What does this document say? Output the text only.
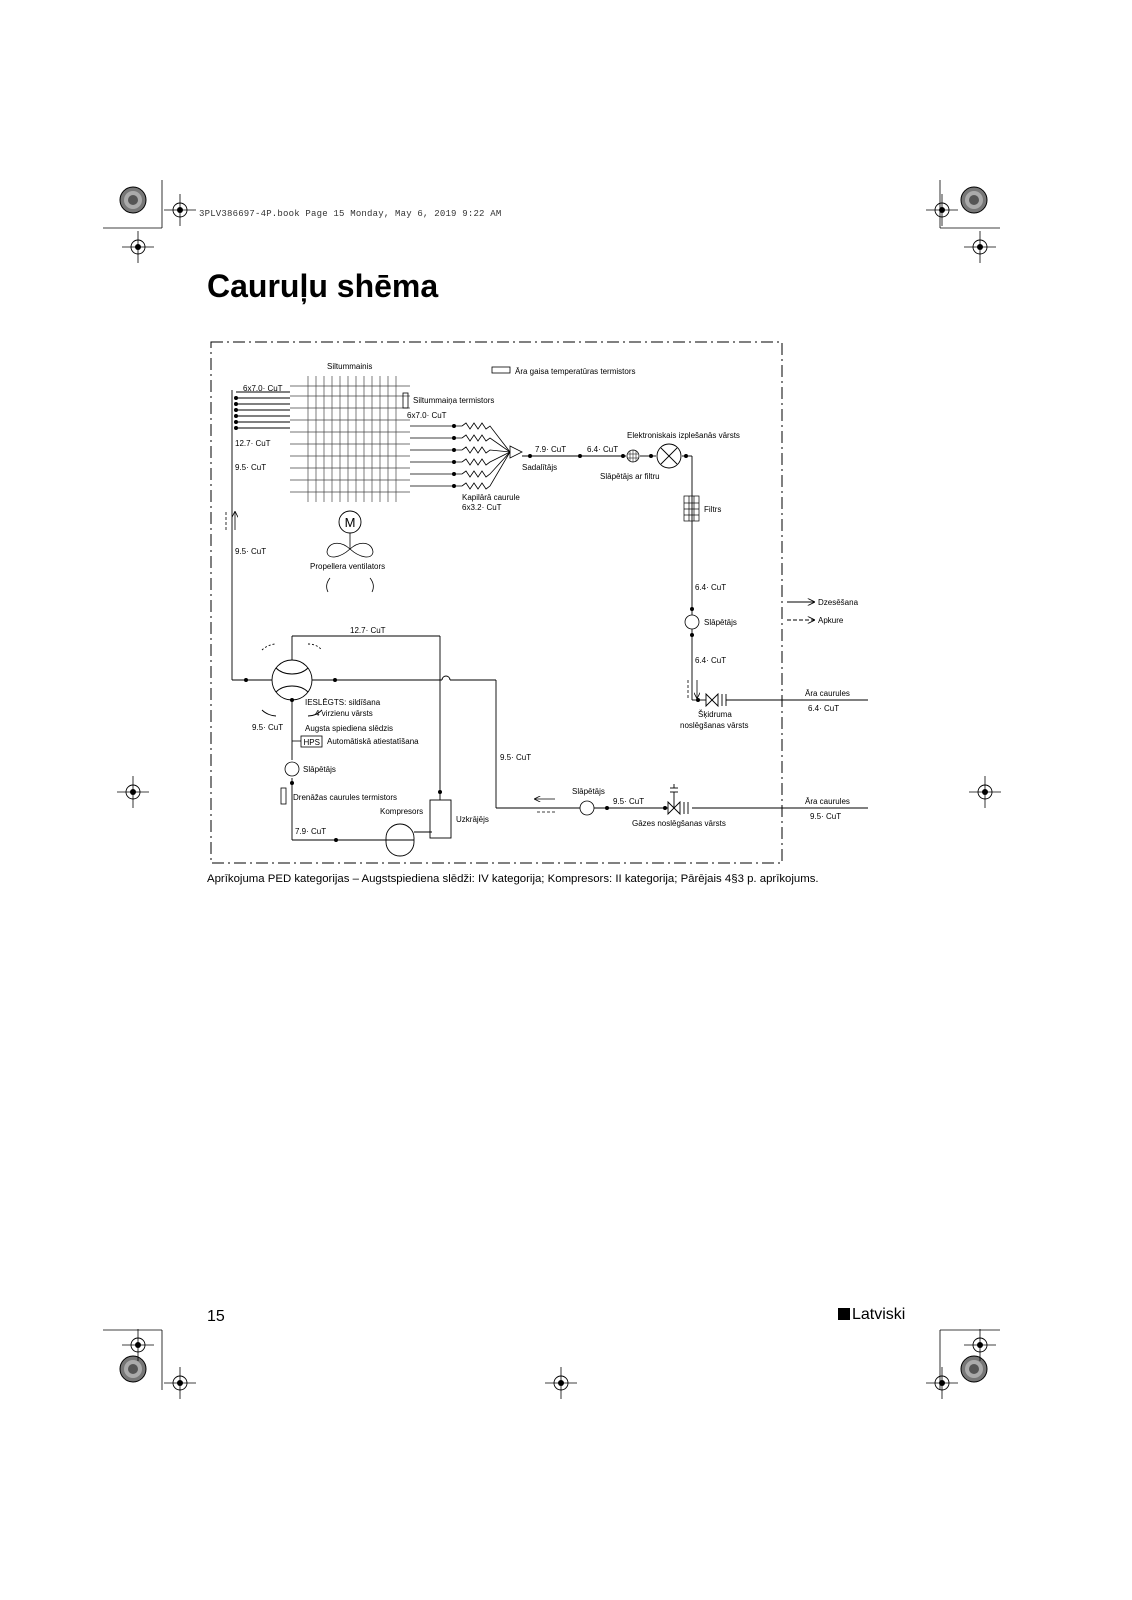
3PLV386697-4P.book Page 15 Monday, May 6, 2019 9:22 AM
Siltummainis
Āra gaisa temperatūras termistors
Siltummaiņa termistors
6x7.0· CuT
12.7· CuT
9.5· CuT
9.5· CuT
6x7.0· CuT
Kapilārā caurule
6x3.2· CuT
Sadalītājs
7.9· CuT	6.4· CuT
Slāpētājs ar filtru
Elektroniskais izplešanās vārsts
Filtrs
6.4· CuT
Slāpētājs
6.4· CuT
Šķidruma
noslēgšanas vārsts
Āra caurules
6.4· CuT
Dzesēšana
Apkure
M
Propellera ventilators
12.7· CuT
IESLĒGTS: sildīšana
4 virzienu vārsts
9.5· CuT	Augsta spiediena slēdzis
HPS Automātiskā atiestatīšana
Slāpētājs
Drenāžas caurules termistors
Kompresors
7.9· CuT
Uzkrājējs
9.5· CuT
Slāpētājs
9.5· CuT
Gāzes noslēgšanas vārsts
Āra caurules
9.5· CuT
Cauruļu shēma
Aprīkojuma PED kategorijas – Augstspiediena slēdži: IV kategorija; Kompresors: II kategorija; Pārējais 4§3 p. aprīkojums.
15	Latviski
